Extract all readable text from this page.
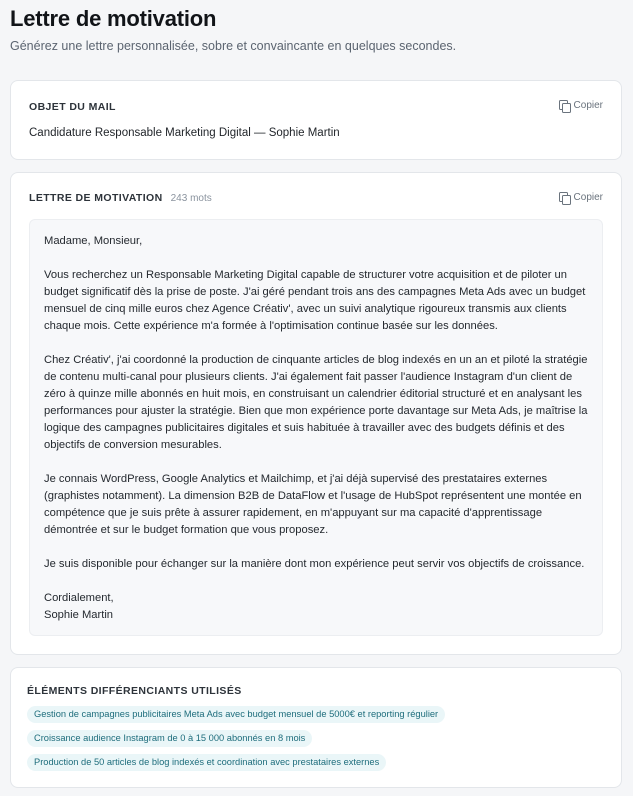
Lettre de motivation
Générez une lettre personnalisée, sobre et convaincante en quelques secondes.
OBJET DU MAIL	Copier
Candidature Responsable Marketing Digital — Sophie Martin
LETTRE DE MOTIVATION 243 mots	Copier

Madame, Monsieur,

Vous recherchez un Responsable Marketing Digital capable de structurer votre acquisition et de piloter un budget significatif dès la prise de poste. J'ai géré pendant trois ans des campagnes Meta Ads avec un budget mensuel de cinq mille euros chez Agence Créativ', avec un suivi analytique rigoureux transmis aux clients chaque mois. Cette expérience m'a formée à l'optimisation continue basée sur les données.

Chez Créativ', j'ai coordonné la production de cinquante articles de blog indexés en un an et piloté la stratégie de contenu multi-canal pour plusieurs clients. J'ai également fait passer l'audience Instagram d'un client de zéro à quinze mille abonnés en huit mois, en construisant un calendrier éditorial structuré et en analysant les performances pour ajuster la stratégie. Bien que mon expérience porte davantage sur Meta Ads, je maîtrise la logique des campagnes publicitaires digitales et suis habituée à travailler avec des budgets définis et des objectifs de conversion mesurables.

Je connais WordPress, Google Analytics et Mailchimp, et j'ai déjà supervisé des prestataires externes (graphistes notamment). La dimension B2B de DataFlow et l'usage de HubSpot représentent une montée en compétence que je suis prête à assurer rapidement, en m'appuyant sur ma capacité d'apprentissage démontrée et sur le budget formation que vous proposez.

Je suis disponible pour échanger sur la manière dont mon expérience peut servir vos objectifs de croissance.

Cordialement,
Sophie Martin

ÉLÉMENTS DIFFÉRENCIANTS UTILISÉS
Gestion de campagnes publicitaires Meta Ads avec budget mensuel de 5000€ et reporting régulier
Croissance audience Instagram de 0 à 15 000 abonnés en 8 mois
Production de 50 articles de blog indexés et coordination avec prestataires externes
